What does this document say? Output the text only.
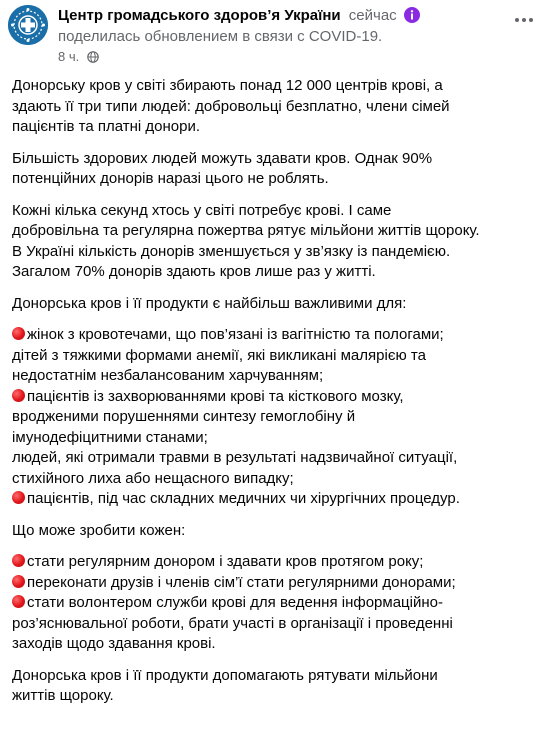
Центр громадського здоров’я України сейчас
поделилась обновлением в связи с COVID-19.
8 ч.

Донорську кров у світі збирають понад 12 000 центрів крові, а
здають її три типи людей: добровольці безплатно, члени сімей
пацієнтів та платні донори.

Більшість здорових людей можуть здавати кров. Однак 90%
потенційних донорів наразі цього не роблять.

Кожні кілька секунд хтось у світі потребує крові. І саме
добровільна та регулярна пожертва рятує мільйони життів щороку.
В Україні кількість донорів зменшується у зв’язку із пандемією.
Загалом 70% донорів здають кров лише раз у житті.

Донорська кров і її продукти є найбільш важливими для:

жінок з кровотечами, що пов’язані із вагітністю та пологами;
дітей з тяжкими формами анемії, які викликані малярією та
недостатнім незбалансованим харчуванням;
пацієнтів із захворюваннями крові та кісткового мозку,
вродженими порушеннями синтезу гемоглобіну й
імунодефіцитними станами;
людей, які отримали травми в результаті надзвичайної ситуації,
стихійного лиха або нещасного випадку;
пацієнтів, під час складних медичних чи хірургічних процедур.

Що може зробити кожен:

стати регулярним донором і здавати кров протягом року;
переконати друзів і членів сім’ї стати регулярними донорами;
стати волонтером служби крові для ведення інформаційно-
роз’яснювальної роботи, брати участі в організації і проведенні
заходів щодо здавання крові.

Донорська кров і її продукти допомагають рятувати мільйони
життів щороку.
